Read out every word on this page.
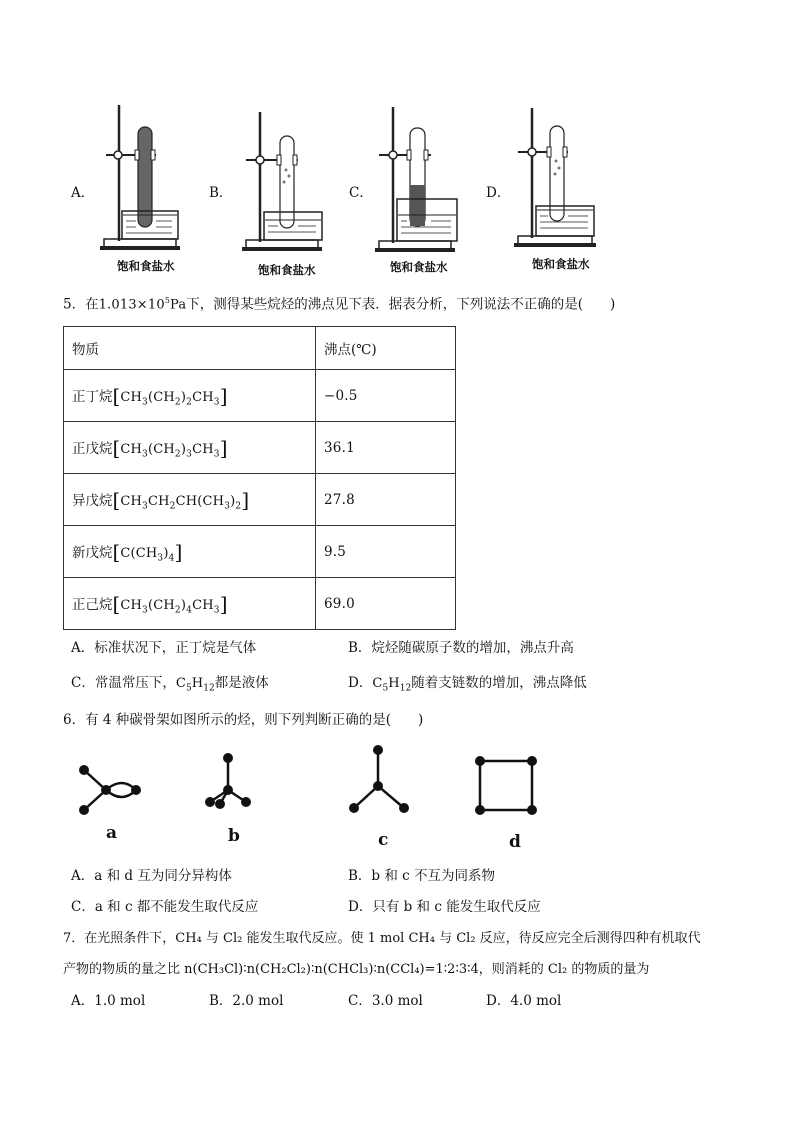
A．
饱和食盐水
B．
饱和食盐水
C．
饱和食盐水
D．
饱和食盐水
5．在$1.013\times 10^5Pa$下，测得某些烷烃的沸点见下表．据表分析，下列说法不正确的是(　　)
物质	沸点(℃)
正丁烷$[CH_3(CH_2)_2CH_3]$	−0.5
正戊烷$[CH_3(CH_2)_3CH_3]$	36.1
异戊烷$[CH_3CH_2CH(CH_3)_2]$	27.8
新戊烷$[C(CH_3)_4]$	9.5
正己烷$[CH_3(CH_2)_4CH_3]$	69.0
A．标准状况下，正丁烷是气体	B．烷烃随碳原子数的增加，沸点升高
C．常温常压下，$C_5H_{12}$都是液体	D．$C_5H_{12}$随着支链数的增加，沸点降低
6．有 4 种碳骨架如图所示的烃，则下列判断正确的是(　　)
a	b	c	d
A．a 和 d 互为同分异构体	B．b 和 c 不互为同系物
C．a 和 c 都不能发生取代反应	D．只有 b 和 c 能发生取代反应
7．在光照条件下，CH₄ 与 Cl₂ 能发生取代反应。使 1 mol CH₄ 与 Cl₂ 反应，待反应完全后测得四种有机取代
产物的物质的量之比 n(CH₃Cl)∶n(CH₂Cl₂)∶n(CHCl₃)∶n(CCl₄)=1∶2∶3∶4，则消耗的 Cl₂ 的物质的量为
A．1.0 mol	B．2.0 mol	C．3.0 mol	D．4.0 mol
